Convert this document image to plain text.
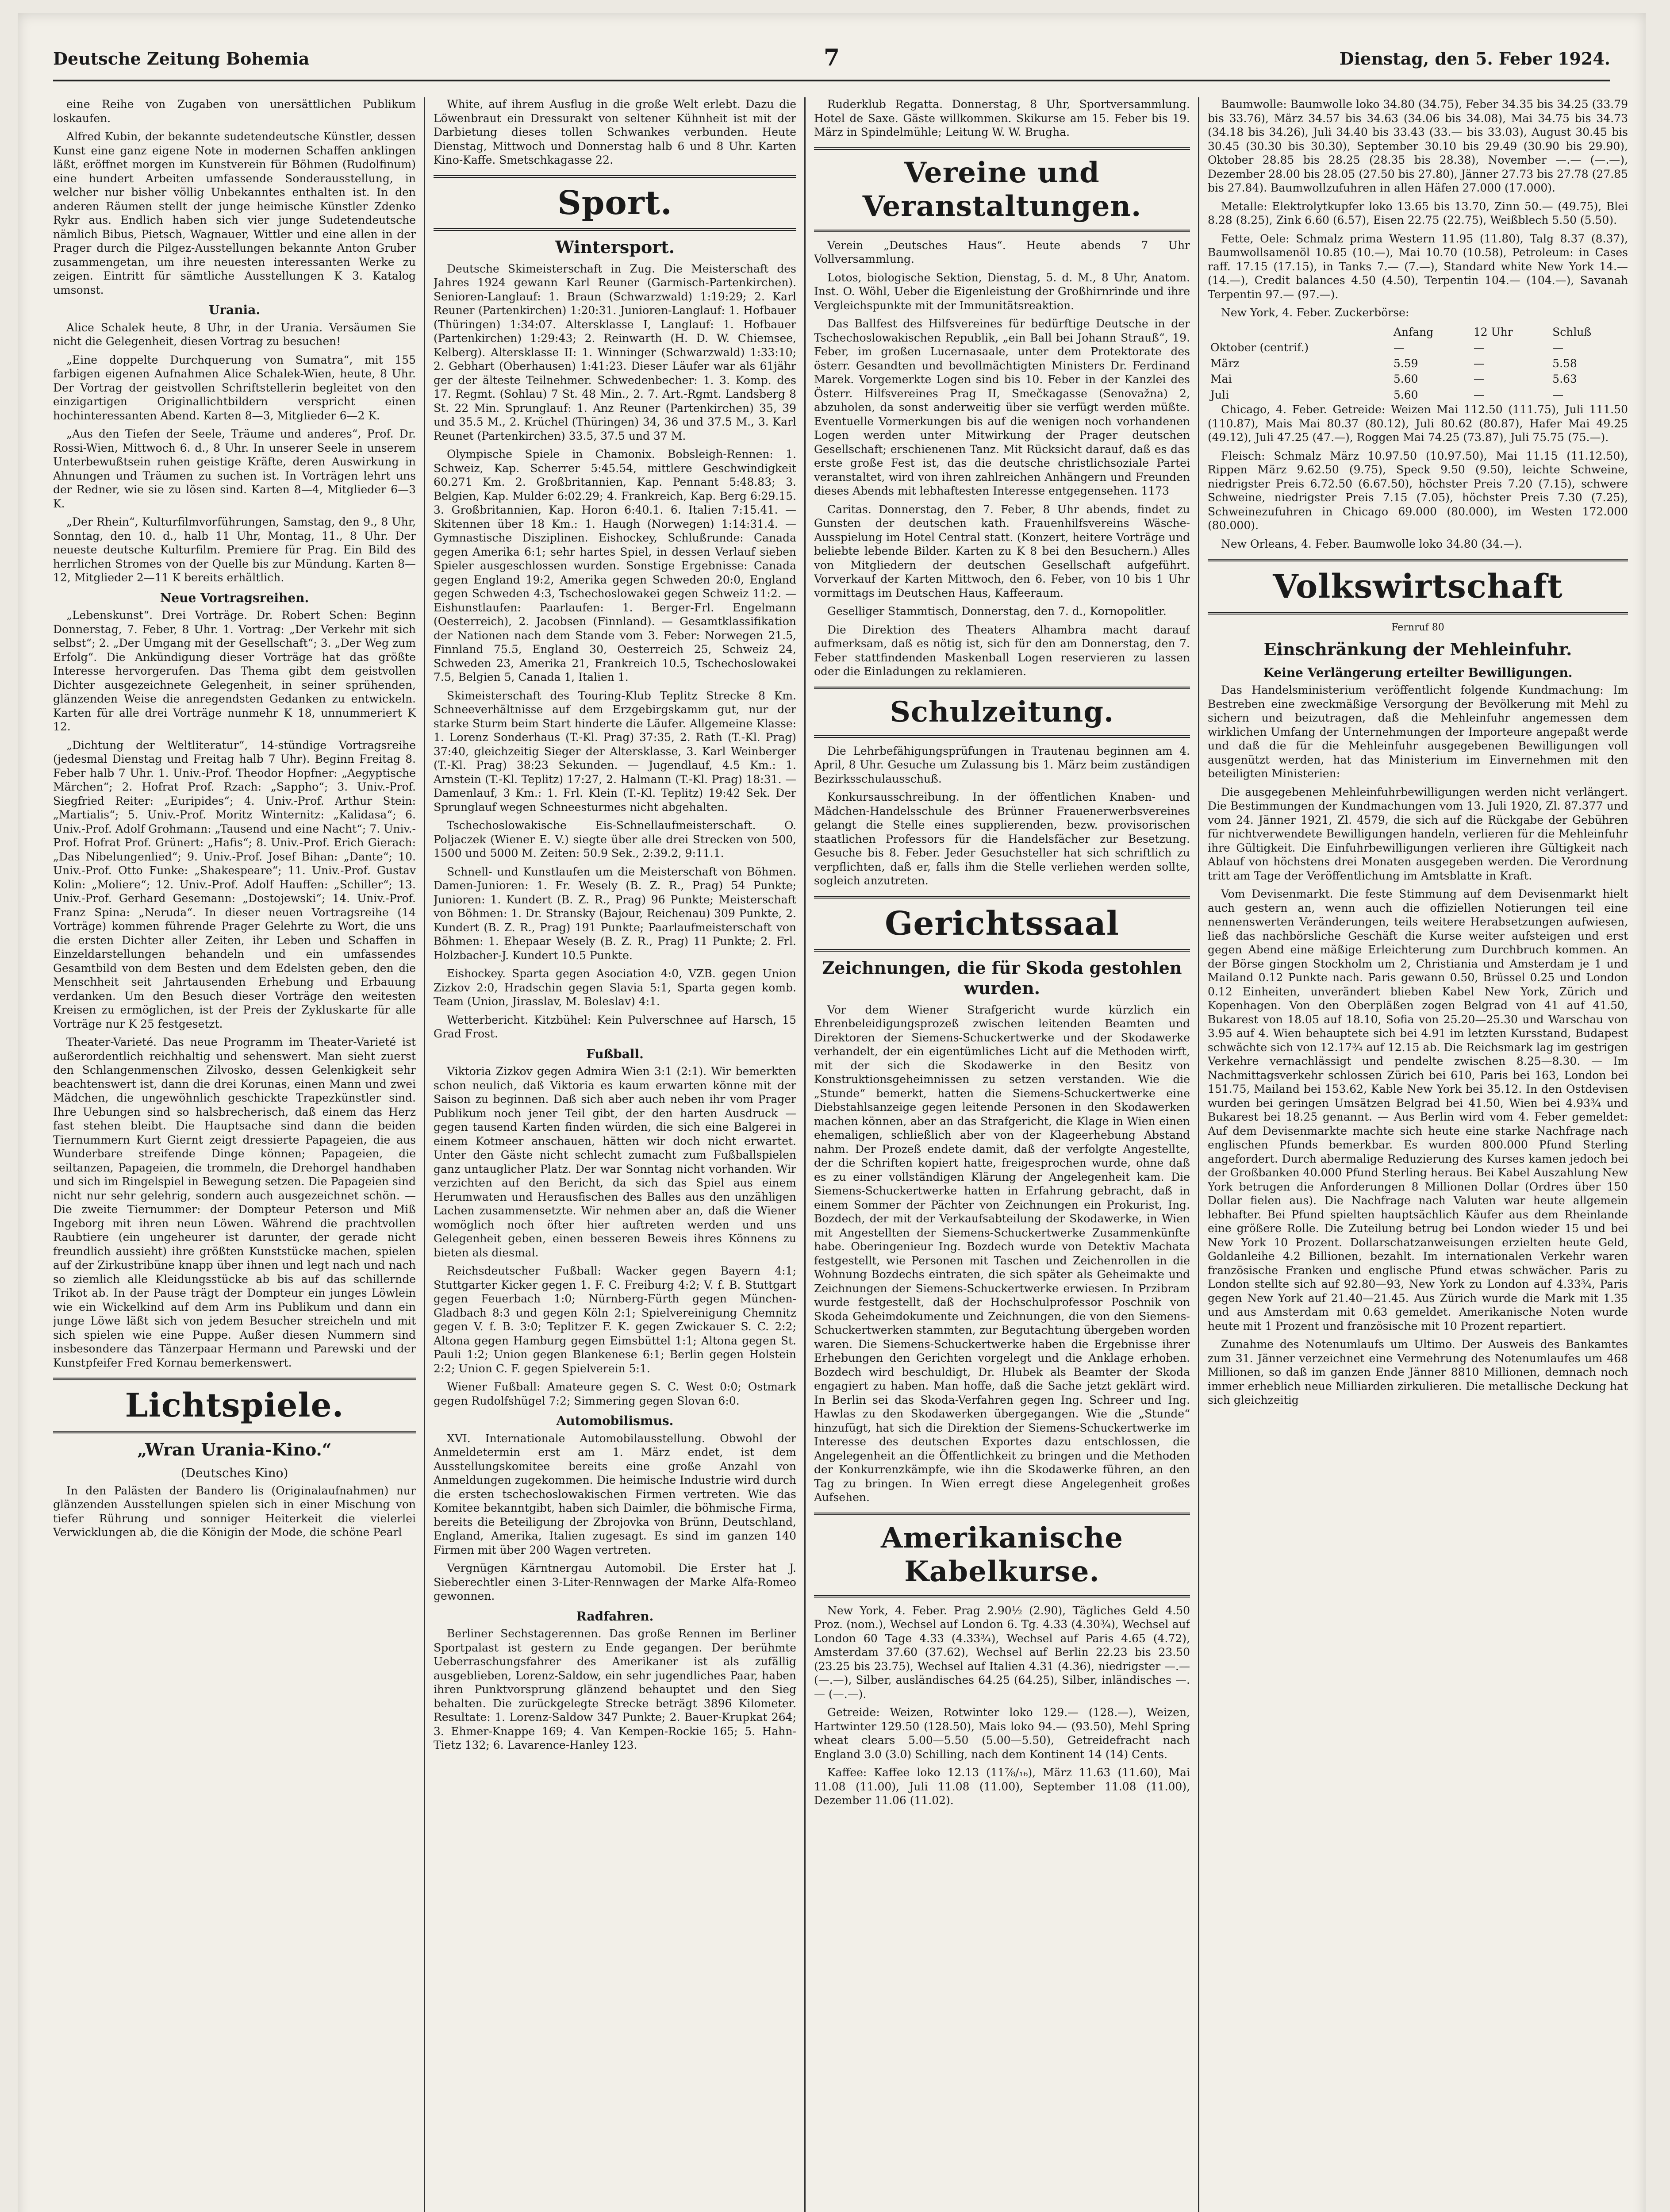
Deutsche Zeitung Bohemia	7	Dienstag, den 5. Feber 1924.

eine Reihe von Zugaben von unersättlichen Publikum loskaufen.

Alfred Kubin, der bekannte sudetendeutsche Künstler, dessen Kunst eine ganz eigene Note in modernen Schaffen anklingen läßt, eröffnet morgen im Kunstverein für Böhmen (Rudolfinum) eine hundert Arbeiten umfassende Sonderausstellung, in welcher nur bisher völlig Unbekanntes enthalten ist. In den anderen Räumen stellt der junge heimische Künstler Zdenko Rykr aus. Endlich haben sich vier junge Sudetendeutsche nämlich Bibus, Pietsch, Wagnauer, Wittler und eine allen in der Prager durch die Pilgez-Ausstellungen bekannte Anton Gruber zusammengetan, um ihre neuesten interessanten Werke zu zeigen. Eintritt für sämtliche Ausstellungen K 3. Katalog umsonst.

Urania.

Alice Schalek heute, 8 Uhr, in der Urania. Versäumen Sie nicht die Gelegenheit, diesen Vortrag zu besuchen!

„Eine doppelte Durchquerung von Sumatra“, mit 155 farbigen eigenen Aufnahmen Alice Schalek-Wien, heute, 8 Uhr. Der Vortrag der geistvollen Schriftstellerin begleitet von den einzigartigen Originallichtbildern verspricht einen hochinteressanten Abend. Karten 8—3, Mitglieder 6—2 K.

„Aus den Tiefen der Seele, Träume und anderes“, Prof. Dr. Rossi-Wien, Mittwoch 6. d., 8 Uhr. In unserer Seele in unserem Unterbewußtsein ruhen geistige Kräfte, deren Auswirkung in Ahnungen und Träumen zu suchen ist. In Vorträgen lehrt uns der Redner, wie sie zu lösen sind. Karten 8—4, Mitglieder 6—3 K.

„Der Rhein“, Kulturfilmvorführungen, Samstag, den 9., 8 Uhr, Sonntag, den 10. d., halb 11 Uhr, Montag, 11., 8 Uhr. Der neueste deutsche Kulturfilm. Premiere für Prag. Ein Bild des herrlichen Stromes von der Quelle bis zur Mündung. Karten 8—12, Mitglieder 2—11 K bereits erhältlich.

Neue Vortragsreihen.

„Lebenskunst“. Drei Vorträge. Dr. Robert Schen: Beginn Donnerstag, 7. Feber, 8 Uhr. 1. Vortrag: „Der Verkehr mit sich selbst“; 2. „Der Umgang mit der Gesellschaft“; 3. „Der Weg zum Erfolg“. Die Ankündigung dieser Vorträge hat das größte Interesse hervorgerufen. Das Thema gibt dem geistvollen Dichter ausgezeichnete Gelegenheit, in seiner sprühenden, glänzenden Weise die anregendsten Gedanken zu entwickeln. Karten für alle drei Vorträge nunmehr K 18, unnummeriert K 12.

„Dichtung der Weltliteratur“, 14-stündige Vortragsreihe (jedesmal Dienstag und Freitag halb 7 Uhr). Beginn Freitag 8. Feber halb 7 Uhr. 1. Univ.-Prof. Theodor Hopfner: „Aegyptische Märchen“; 2. Hofrat Prof. Rzach: „Sappho“; 3. Univ.-Prof. Siegfried Reiter: „Euripides“; 4. Univ.-Prof. Arthur Stein: „Martialis“; 5. Univ.-Prof. Moritz Winternitz: „Kalidasa“; 6. Univ.-Prof. Adolf Grohmann: „Tausend und eine Nacht“; 7. Univ.-Prof. Hofrat Prof. Grünert: „Hafis“; 8. Univ.-Prof. Erich Gierach: „Das Nibelungenlied“; 9. Univ.-Prof. Josef Bihan: „Dante“; 10. Univ.-Prof. Otto Funke: „Shakespeare“; 11. Univ.-Prof. Gustav Kolin: „Moliere“; 12. Univ.-Prof. Adolf Hauffen: „Schiller“; 13. Univ.-Prof. Gerhard Gesemann: „Dostojewski“; 14. Univ.-Prof. Franz Spina: „Neruda“. In dieser neuen Vortragsreihe (14 Vorträge) kommen führende Prager Gelehrte zu Wort, die uns die ersten Dichter aller Zeiten, ihr Leben und Schaffen in Einzeldarstellungen behandeln und ein umfassendes Gesamtbild von dem Besten und dem Edelsten geben, den die Menschheit seit Jahrtausenden Erhebung und Erbauung verdanken. Um den Besuch dieser Vorträge den weitesten Kreisen zu ermöglichen, ist der Preis der Zykluskarte für alle Vorträge nur K 25 festgesetzt.

Theater-Varieté. Das neue Programm im Theater-Varieté ist außerordentlich reichhaltig und sehenswert. Man sieht zuerst den Schlangenmenschen Zilvosko, dessen Gelenkigkeit sehr beachtenswert ist, dann die drei Korunas, einen Mann und zwei Mädchen, die ungewöhnlich geschickte Trapezkünstler sind. Ihre Uebungen sind so halsbrecherisch, daß einem das Herz fast stehen bleibt. Die Hauptsache sind dann die beiden Tiernummern Kurt Giernt zeigt dressierte Papageien, die aus Wunderbare streifende Dinge können; Papageien, die seiltanzen, Papageien, die trommeln, die Drehorgel handhaben und sich im Ringelspiel in Bewegung setzen. Die Papageien sind nicht nur sehr gelehrig, sondern auch ausgezeichnet schön. — Die zweite Tiernummer: der Dompteur Peterson und Miß Ingeborg mit ihren neun Löwen. Während die prachtvollen Raubtiere (ein ungeheurer ist darunter, der gerade nicht freundlich aussieht) ihre größten Kunststücke machen, spielen auf der Zirkustribüne knapp über ihnen und legt nach und nach so ziemlich alle Kleidungsstücke ab bis auf das schillernde Trikot ab. In der Pause trägt der Dompteur ein junges Löwlein wie ein Wickelkind auf dem Arm ins Publikum und dann ein junge Löwe läßt sich von jedem Besucher streicheln und mit sich spielen wie eine Puppe. Außer diesen Nummern sind insbesondere das Tänzerpaar Hermann und Parewski und der Kunstpfeifer Fred Kornau bemerkenswert.

Lichtspiele.
„Wran Urania-Kino.“
(Deutsches Kino)

In den Palästen der Bandero lis (Originalaufnahmen) nur glänzenden Ausstellungen spielen sich in einer Mischung von tiefer Rührung und sonniger Heiterkeit die vielerlei Verwicklungen ab, die die Königin der Mode, die schöne Pearl

White, auf ihrem Ausflug in die große Welt erlebt. Dazu die Löwenbraut ein Dressurakt von seltener Kühnheit ist mit der Darbietung dieses tollen Schwankes verbunden. Heute Dienstag, Mittwoch und Donnerstag halb 6 und 8 Uhr. Karten Kino-Kaffe. Smetschkagasse 22.

Sport.
Wintersport.

Deutsche Skimeisterschaft in Zug. Die Meisterschaft des Jahres 1924 gewann Karl Reuner (Garmisch-Partenkirchen). Senioren-Langlauf: 1. Braun (Schwarzwald) 1:19:29; 2. Karl Reuner (Partenkirchen) 1:20:31. Junioren-Langlauf: 1. Hofbauer (Thüringen) 1:34:07. Altersklasse I, Langlauf: 1. Hofbauer (Partenkirchen) 1:29:43; 2. Reinwarth (H. D. W. Chiemsee, Kelberg). Altersklasse II: 1. Winninger (Schwarzwald) 1:33:10; 2. Gebhart (Oberhausen) 1:41:23. Dieser Läufer war als 61jähr ger der älteste Teilnehmer. Schwedenbecher: 1. 3. Komp. des 17. Regmt. (Sohlau) 7 St. 48 Min., 2. 7. Art.-Rgmt. Landsberg 8 St. 22 Min. Sprunglauf: 1. Anz Reuner (Partenkirchen) 35, 39 und 35.5 M., 2. Krüchel (Thüringen) 34, 36 und 37.5 M., 3. Karl Reunet (Partenkirchen) 33.5, 37.5 und 37 M.

Olympische Spiele in Chamonix. Bobsleigh-Rennen: 1. Schweiz, Kap. Scherrer 5:45.54, mittlere Geschwindigkeit 60.271 Km. 2. Großbritannien, Kap. Pennant 5:48.83; 3. Belgien, Kap. Mulder 6:02.29; 4. Frankreich, Kap. Berg 6:29.15. 3. Großbritannien, Kap. Horon 6:40.1. 6. Italien 7:15.41. — Skitennen über 18 Km.: 1. Haugh (Norwegen) 1:14:31.4. — Gymnastische Disziplinen. Eishockey, Schlußrunde: Canada gegen Amerika 6:1; sehr hartes Spiel, in dessen Verlauf sieben Spieler ausgeschlossen wurden. Sonstige Ergebnisse: Canada gegen England 19:2, Amerika gegen Schweden 20:0, England gegen Schweden 4:3, Tschechoslowakei gegen Schweiz 11:2. — Eishunstlaufen: Paarlaufen: 1. Berger-Frl. Engelmann (Oesterreich), 2. Jacobsen (Finnland). — Gesamtklassifikation der Nationen nach dem Stande vom 3. Feber: Norwegen 21.5, Finnland 75.5, England 30, Oesterreich 25, Schweiz 24, Schweden 23, Amerika 21, Frankreich 10.5, Tschechoslowakei 7.5, Belgien 5, Canada 1, Italien 1.

Skimeisterschaft des Touring-Klub Teplitz Strecke 8 Km. Schneeverhältnisse auf dem Erzgebirgskamm gut, nur der starke Sturm beim Start hinderte die Läufer. Allgemeine Klasse: 1. Lorenz Sonderhaus (T.-Kl. Prag) 37:35, 2. Rath (T.-Kl. Prag) 37:40, gleichzeitig Sieger der Altersklasse, 3. Karl Weinberger (T.-Kl. Prag) 38:23 Sekunden. — Jugendlauf, 4.5 Km.: 1. Arnstein (T.-Kl. Teplitz) 17:27, 2. Halmann (T.-Kl. Prag) 18:31. — Damenlauf, 3 Km.: 1. Frl. Klein (T.-Kl. Teplitz) 19:42 Sek. Der Sprunglauf wegen Schneesturmes nicht abgehalten.

Tschechoslowakische Eis-Schnellaufmeisterschaft. O. Poljaczek (Wiener E. V.) siegte über alle drei Strecken von 500, 1500 und 5000 M. Zeiten: 50.9 Sek., 2:39.2, 9:11.1.

Schnell- und Kunstlaufen um die Meisterschaft von Böhmen. Damen-Junioren: 1. Fr. Wesely (B. Z. R., Prag) 54 Punkte; Junioren: 1. Kundert (B. Z. R., Prag) 96 Punkte; Meisterschaft von Böhmen: 1. Dr. Stransky (Bajour, Reichenau) 309 Punkte, 2. Kundert (B. Z. R., Prag) 191 Punkte; Paarlaufmeisterschaft von Böhmen: 1. Ehepaar Wesely (B. Z. R., Prag) 11 Punkte; 2. Frl. Holzbacher-J. Kundert 10.5 Punkte.

Eishockey. Sparta gegen Asociation 4:0, VZB. gegen Union Zizkov 2:0, Hradschin gegen Slavia 5:1, Sparta gegen komb. Team (Union, Jirasslav, M. Boleslav) 4:1.

Wetterbericht. Kitzbühel: Kein Pulverschnee auf Harsch, 15 Grad Frost.

Fußball.

Viktoria Zizkov gegen Admira Wien 3:1 (2:1). Wir bemerkten schon neulich, daß Viktoria es kaum erwarten könne mit der Saison zu beginnen. Daß sich aber auch neben ihr vom Prager Publikum noch jener Teil gibt, der den harten Ausdruck — gegen tausend Karten finden würden, die sich eine Balgerei in einem Kotmeer anschauen, hätten wir doch nicht erwartet. Unter den Gäste nicht schlecht zumacht zum Fußballspielen ganz untauglicher Platz. Der war Sonntag nicht vorhanden. Wir verzichten auf den Bericht, da sich das Spiel aus einem Herumwaten und Herausfischen des Balles aus den unzähligen Lachen zusammensetzte. Wir nehmen aber an, daß die Wiener womöglich noch öfter hier auftreten werden und uns Gelegenheit geben, einen besseren Beweis ihres Könnens zu bieten als diesmal.

Reichsdeutscher Fußball: Wacker gegen Bayern 4:1; Stuttgarter Kicker gegen 1. F. C. Freiburg 4:2; V. f. B. Stuttgart gegen Feuerbach 1:0; Nürnberg-Fürth gegen München-Gladbach 8:3 und gegen Köln 2:1; Spielvereinigung Chemnitz gegen V. f. B. 3:0; Teplitzer F. K. gegen Zwickauer S. C. 2:2; Altona gegen Hamburg gegen Eimsbüttel 1:1; Altona gegen St. Pauli 1:2; Union gegen Blankenese 6:1; Berlin gegen Holstein 2:2; Union C. F. gegen Spielverein 5:1.

Wiener Fußball: Amateure gegen S. C. West 0:0; Ostmark gegen Rudolfshügel 7:2; Simmering gegen Slovan 6:0.

Automobilismus.

XVI. Internationale Automobilausstellung. Obwohl der Anmeldetermin erst am 1. März endet, ist dem Ausstellungskomitee bereits eine große Anzahl von Anmeldungen zugekommen. Die heimische Industrie wird durch die ersten tschechoslowakischen Firmen vertreten. Wie das Komitee bekanntgibt, haben sich Daimler, die böhmische Firma, bereits die Beteiligung der Zbrojovka von Brünn, Deutschland, England, Amerika, Italien zugesagt. Es sind im ganzen 140 Firmen mit über 200 Wagen vertreten.

Vergnügen Kärntnergau Automobil. Die Erster hat J. Sieberechtler einen 3-Liter-Rennwagen der Marke Alfa-Romeo gewonnen.

Radfahren.

Berliner Sechstagerennen. Das große Rennen im Berliner Sportpalast ist gestern zu Ende gegangen. Der berühmte Ueberraschungsfahrer des Amerikaner ist als zufällig ausgeblieben, Lorenz-Saldow, ein sehr jugendliches Paar, haben ihren Punktvorsprung glänzend behauptet und den Sieg behalten. Die zurückgelegte Strecke beträgt 3896 Kilometer. Resultate: 1. Lorenz-Saldow 347 Punkte; 2. Bauer-Krupkat 264; 3. Ehmer-Knappe 169; 4. Van Kempen-Rockie 165; 5. Hahn-Tietz 132; 6. Lavarence-Hanley 123.

Ruderklub Regatta. Donnerstag, 8 Uhr, Sportversammlung. Hotel de Saxe. Gäste willkommen. Skikurse am 15. Feber bis 19. März in Spindelmühle; Leitung W. W. Brugha.

Vereine und Veranstaltungen.

Verein „Deutsches Haus“. Heute abends 7 Uhr Vollversammlung.

Lotos, biologische Sektion, Dienstag, 5. d. M., 8 Uhr, Anatom. Inst. O. Wöhl, Ueber die Eigenleistung der Großhirnrinde und ihre Vergleichspunkte mit der Immunitätsreaktion.

Das Ballfest des Hilfsvereines für bedürftige Deutsche in der Tschechoslowakischen Republik, „ein Ball bei Johann Strauß“, 19. Feber, im großen Lucernasaale, unter dem Protektorate des österr. Gesandten und bevollmächtigten Ministers Dr. Ferdinand Marek. Vorgemerkte Logen sind bis 10. Feber in der Kanzlei des Österr. Hilfsvereines Prag II, Smečkagasse (Senovažna) 2, abzuholen, da sonst anderweitig über sie verfügt werden müßte. Eventuelle Vormerkungen bis auf die wenigen noch vorhandenen Logen werden unter Mitwirkung der Prager deutschen Gesellschaft; erschienenen Tanz. Mit Rücksicht darauf, daß es das erste große Fest ist, das die deutsche christlichsoziale Partei veranstaltet, wird von ihren zahlreichen Anhängern und Freunden dieses Abends mit lebhaftesten Interesse entgegensehen. 1173

Caritas. Donnerstag, den 7. Feber, 8 Uhr abends, findet zu Gunsten der deutschen kath. Frauenhilfsvereins Wäsche-Ausspielung im Hotel Central statt. (Konzert, heitere Vorträge und beliebte lebende Bilder. Karten zu K 8 bei den Besuchern.) Alles von Mitgliedern der deutschen Gesellschaft aufgeführt. Vorverkauf der Karten Mittwoch, den 6. Feber, von 10 bis 1 Uhr vormittags im Deutschen Haus, Kaffeeraum.

Geselliger Stammtisch, Donnerstag, den 7. d., Kornopolitler.

Die Direktion des Theaters Alhambra macht darauf aufmerksam, daß es nötig ist, sich für den am Donnerstag, den 7. Feber stattfindenden Maskenball Logen reservieren zu lassen oder die Einladungen zu reklamieren.

Schulzeitung.

Die Lehrbefähigungsprüfungen in Trautenau beginnen am 4. April, 8 Uhr. Gesuche um Zulassung bis 1. März beim zuständigen Bezirksschulausschuß.

Konkursausschreibung. In der öffentlichen Knaben- und Mädchen-Handelsschule des Brünner Frauenerwerbsvereines gelangt die Stelle eines supplierenden, bezw. provisorischen staatlichen Professors für die Handelsfächer zur Besetzung. Gesuche bis 8. Feber. Jeder Gesuchsteller hat sich schriftlich zu verpflichten, daß er, falls ihm die Stelle verliehen werden sollte, sogleich anzutreten.

Gerichtssaal
Zeichnungen, die für Skoda gestohlen wurden.

Vor dem Wiener Strafgericht wurde kürzlich ein Ehrenbeleidigungsprozeß zwischen leitenden Beamten und Direktoren der Siemens-Schuckertwerke und der Skodawerke verhandelt, der ein eigentümliches Licht auf die Methoden wirft, mit der sich die Skodawerke in den Besitz von Konstruktionsgeheimnissen zu setzen verstanden. Wie die „Stunde“ bemerkt, hatten die Siemens-Schuckertwerke eine Diebstahlsanzeige gegen leitende Personen in den Skodawerken machen können, aber an das Strafgericht, die Klage in Wien einen ehemaligen, schließlich aber von der Klageerhebung Abstand nahm. Der Prozeß endete damit, daß der verfolgte Angestellte, der die Schriften kopiert hatte, freigesprochen wurde, ohne daß es zu einer vollständigen Klärung der Angelegenheit kam. Die Siemens-Schuckertwerke hatten in Erfahrung gebracht, daß in einem Sommer der Pächter von Zeichnungen ein Prokurist, Ing. Bozdech, der mit der Verkaufsabteilung der Skodawerke, in Wien mit Angestellten der Siemens-Schuckertwerke Zusammenkünfte habe. Oberingenieur Ing. Bozdech wurde von Detektiv Machata festgestellt, wie Personen mit Taschen und Zeichenrollen in die Wohnung Bozdechs eintraten, die sich später als Geheimakte und Zeichnungen der Siemens-Schuckertwerke erwiesen. In Przibram wurde festgestellt, daß der Hochschulprofessor Poschnik von Skoda Geheimdokumente und Zeichnungen, die von den Siemens-Schuckertwerken stammten, zur Begutachtung übergeben worden waren. Die Siemens-Schuckertwerke haben die Ergebnisse ihrer Erhebungen den Gerichten vorgelegt und die Anklage erhoben. Bozdech wird beschuldigt, Dr. Hlubek als Beamter der Skoda engagiert zu haben. Man hoffe, daß die Sache jetzt geklärt wird. In Berlin sei das Skoda-Verfahren gegen Ing. Schreer und Ing. Hawlas zu den Skodawerken übergegangen. Wie die „Stunde“ hinzufügt, hat sich die Direktion der Siemens-Schuckertwerke im Interesse des deutschen Exportes dazu entschlossen, die Angelegenheit an die Öffentlichkeit zu bringen und die Methoden der Konkurrenzkämpfe, wie ihn die Skodawerke führen, an den Tag zu bringen. In Wien erregt diese Angelegenheit großes Aufsehen.

Amerikanische Kabelkurse.

New York, 4. Feber. Prag 2.90½ (2.90), Tägliches Geld 4.50 Proz. (nom.), Wechsel auf London 6. Tg. 4.33 (4.30¾), Wechsel auf London 60 Tage 4.33 (4.33¾), Wechsel auf Paris 4.65 (4.72), Amsterdam 37.60 (37.62), Wechsel auf Berlin 22.23 bis 23.50 (23.25 bis 23.75), Wechsel auf Italien 4.31 (4.36), niedrigster —.— (—.—), Silber, ausländisches 64.25 (64.25), Silber, inländisches —.— (—.—).

Getreide: Weizen, Rotwinter loko 129.— (128.—), Weizen, Hartwinter 129.50 (128.50), Mais loko 94.— (93.50), Mehl Spring wheat clears 5.00—5.50 (5.00—5.50), Getreidefracht nach England 3.0 (3.0) Schilling, nach dem Kontinent 14 (14) Cents.

Kaffee: Kaffee loko 12.13 (11⅞/₁₆), März 11.63 (11.60), Mai 11.08 (11.00), Juli 11.08 (11.00), September 11.08 (11.00), Dezember 11.06 (11.02).

Baumwolle: Baumwolle loko 34.80 (34.75), Feber 34.35 bis 34.25 (33.79 bis 33.76), März 34.57 bis 34.63 (34.06 bis 34.08), Mai 34.75 bis 34.73 (34.18 bis 34.26), Juli 34.40 bis 33.43 (33.— bis 33.03), August 30.45 bis 30.45 (30.30 bis 30.30), September 30.10 bis 29.49 (30.90 bis 29.90), Oktober 28.85 bis 28.25 (28.35 bis 28.38), November —.— (—.—), Dezember 28.00 bis 28.05 (27.50 bis 27.80), Jänner 27.73 bis 27.78 (27.85 bis 27.84). Baumwollzufuhren in allen Häfen 27.000 (17.000).

Metalle: Elektrolytkupfer loko 13.65 bis 13.70, Zinn 50.— (49.75), Blei 8.28 (8.25), Zink 6.60 (6.57), Eisen 22.75 (22.75), Weißblech 5.50 (5.50).

Fette, Oele: Schmalz prima Western 11.95 (11.80), Talg 8.37 (8.37), Baumwollsamenöl 10.85 (10.—), Mai 10.70 (10.58), Petroleum: in Cases raff. 17.15 (17.15), in Tanks 7.— (7.—), Standard white New York 14.— (14.—), Credit balances 4.50 (4.50), Terpentin 104.— (104.—), Savanah Terpentin 97.— (97.—).

New York, 4. Feber. Zuckerbörse:

	Anfang	12 Uhr	Schluß
Oktober (centrif.)	—	—	—
März	5.59	—	5.58
Mai	5.60	—	5.63
Juli	5.60	—	—

Chicago, 4. Feber. Getreide: Weizen Mai 112.50 (111.75), Juli 111.50 (110.87), Mais Mai 80.37 (80.12), Juli 80.62 (80.87), Hafer Mai 49.25 (49.12), Juli 47.25 (47.—), Roggen Mai 74.25 (73.87), Juli 75.75 (75.—).

Fleisch: Schmalz März 10.97.50 (10.97.50), Mai 11.15 (11.12.50), Rippen März 9.62.50 (9.75), Speck 9.50 (9.50), leichte Schweine, niedrigster Preis 6.72.50 (6.67.50), höchster Preis 7.20 (7.15), schwere Schweine, niedrigster Preis 7.15 (7.05), höchster Preis 7.30 (7.25), Schweinezufuhren in Chicago 69.000 (80.000), im Westen 172.000 (80.000).

New Orleans, 4. Feber. Baumwolle loko 34.80 (34.—).

Volkswirtschaft
Fernruf 80
Einschränkung der Mehleinfuhr.
Keine Verlängerung erteilter Bewilligungen.

Das Handelsministerium veröffentlicht folgende Kundmachung: Im Bestreben eine zweckmäßige Versorgung der Bevölkerung mit Mehl zu sichern und beizutragen, daß die Mehleinfuhr angemessen dem wirklichen Umfang der Unternehmungen der Importeure angepaßt werde und daß die für die Mehleinfuhr ausgegebenen Bewilligungen voll ausgenützt werden, hat das Ministerium im Einvernehmen mit den beteiligten Ministerien:

Die ausgegebenen Mehleinfuhrbewilligungen werden nicht verlängert. Die Bestimmungen der Kundmachungen vom 13. Juli 1920, Zl. 87.377 und vom 24. Jänner 1921, Zl. 4579, die sich auf die Rückgabe der Gebühren für nichtverwendete Bewilligungen handeln, verlieren für die Mehleinfuhr ihre Gültigkeit. Die Einfuhrbewilligungen verlieren ihre Gültigkeit nach Ablauf von höchstens drei Monaten ausgegeben werden. Die Verordnung tritt am Tage der Veröffentlichung im Amtsblatte in Kraft.

Vom Devisenmarkt. Die feste Stimmung auf dem Devisenmarkt hielt auch gestern an, wenn auch die offiziellen Notierungen teil eine nennenswerten Veränderungen, teils weitere Herabsetzungen aufwiesen, ließ das nachbörsliche Geschäft die Kurse weiter aufsteigen und erst gegen Abend eine mäßige Erleichterung zum Durchbruch kommen. An der Börse gingen Stockholm um 2, Christiania und Amsterdam je 1 und Mailand 0.12 Punkte nach. Paris gewann 0.50, Brüssel 0.25 und London 0.12 Einheiten, unverändert blieben Kabel New York, Zürich und Kopenhagen. Von den Oberpläßen zogen Belgrad von 41 auf 41.50, Bukarest von 18.05 auf 18.10, Sofia von 25.20—25.30 und Warschau von 3.95 auf 4. Wien behauptete sich bei 4.91 im letzten Kursstand, Budapest schwächte sich von 12.17¾ auf 12.15 ab. Die Reichsmark lag im gestrigen Verkehre vernachlässigt und pendelte zwischen 8.25—8.30. — Im Nachmittagsverkehr schlossen Zürich bei 610, Paris bei 163, London bei 151.75, Mailand bei 153.62, Kable New York bei 35.12. In den Ostdevisen wurden bei geringen Umsätzen Belgrad bei 41.50, Wien bei 4.93¾ und Bukarest bei 18.25 genannt. — Aus Berlin wird vom 4. Feber gemeldet: Auf dem Devisenmarkte machte sich heute eine starke Nachfrage nach englischen Pfunds bemerkbar. Es wurden 800.000 Pfund Sterling angefordert. Durch abermalige Reduzierung des Kurses kamen jedoch bei der Großbanken 40.000 Pfund Sterling heraus. Bei Kabel Auszahlung New York betrugen die Anforderungen 8 Millionen Dollar (Ordres über 150 Dollar fielen aus). Die Nachfrage nach Valuten war heute allgemein lebhafter. Bei Pfund spielten hauptsächlich Käufer aus dem Rheinlande eine größere Rolle. Die Zuteilung betrug bei London wieder 15 und bei New York 10 Prozent. Dollarschatzanweisungen erzielten heute Geld, Goldanleihe 4.2 Billionen, bezahlt. Im internationalen Verkehr waren französische Franken und englische Pfund etwas schwächer. Paris zu London stellte sich auf 92.80—93, New York zu London auf 4.33¾, Paris gegen New York auf 21.40—21.45. Aus Zürich wurde die Mark mit 1.35 und aus Amsterdam mit 0.63 gemeldet. Amerikanische Noten wurde heute mit 1 Prozent und französische mit 10 Prozent repartiert.

Zunahme des Notenumlaufs um Ultimo. Der Ausweis des Bankamtes zum 31. Jänner verzeichnet eine Vermehrung des Notenumlaufes um 468 Millionen, so daß im ganzen Ende Jänner 8810 Millionen, demnach noch immer erheblich neue Milliarden zirkulieren. Die metallische Deckung hat sich gleichzeitig
